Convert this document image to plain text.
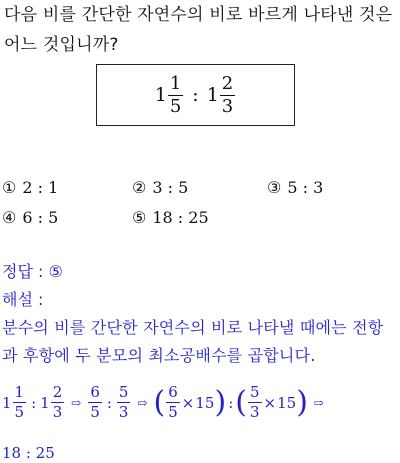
다음 비를 간단한 자연수의 비로 바르게 나타낸 것은 어느 것입니까?
$1 \frac{1}{5}$ : $1 \frac{2}{3}$
① 2 : 1	② 3 : 5	③ 5 : 3
④ 6 : 5	⑤ 18 : 25
정답 : ⑤
해설 :
분수의 비를 간단한 자연수의 비로 나타낼 때에는 전항과 후항에 두 분모의 최소공배수를 곱합니다.
$1 \frac{1}{5}$ : $1 \frac{2}{3}$ ⇨ $\frac{6}{5}$ : $\frac{5}{3}$ ⇨ ( $\frac{6}{5} \times 15$ ) : ( $\frac{5}{3} \times 15$ ) ⇨
18 : 25
